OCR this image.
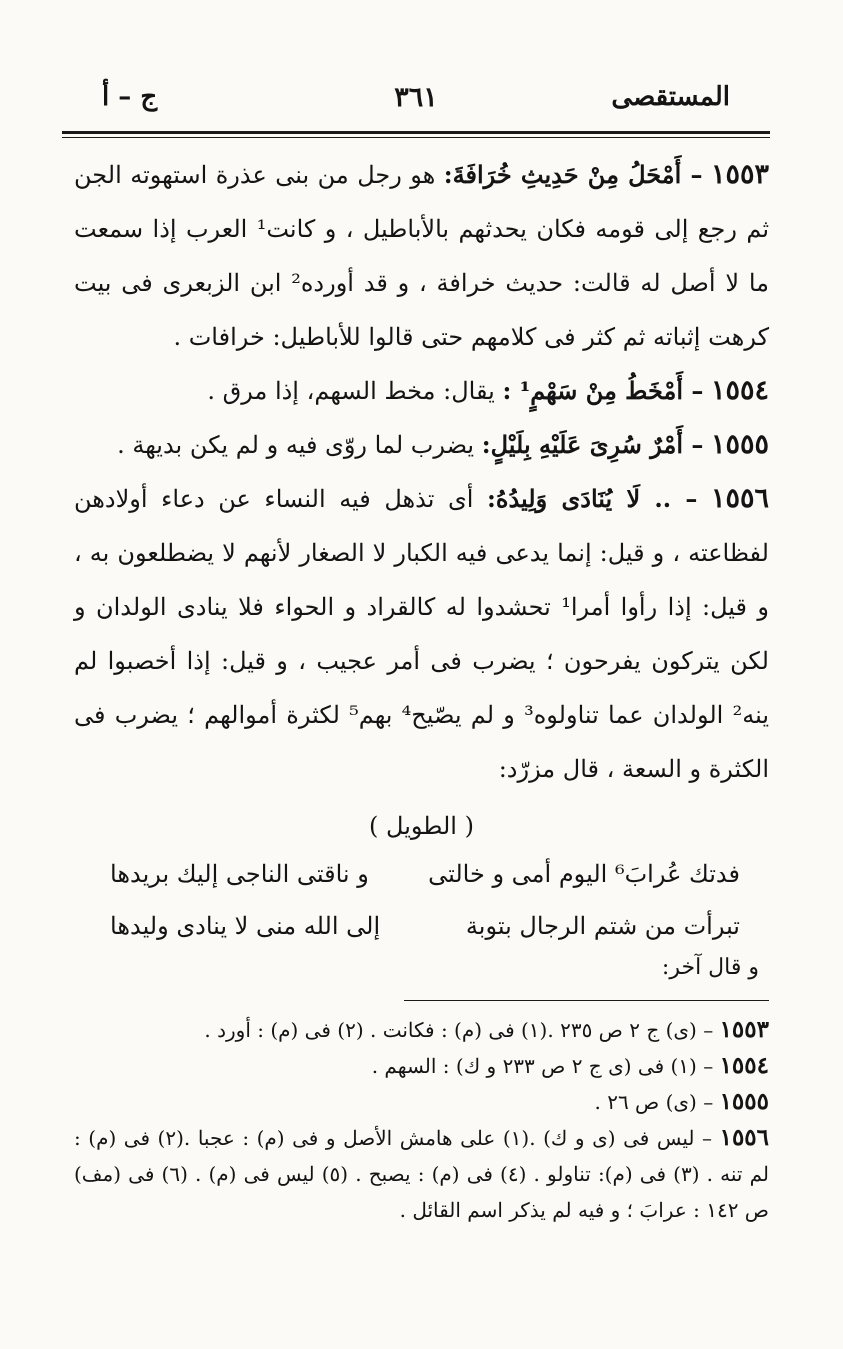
المستقصى
٣٦١
ج – أ

١٥٥٣ – أَمْحَلُ مِنْ حَدِيثِ خُرَافَةَ: هو رجل من بنى عذرة استهوته الجن ثم رجع إلى قومه فكان يحدثهم بالأباطيل ، و كانت¹ العرب إذا سمعت ما لا أصل له قالت: حديث خرافة ، و قد أورده² ابن الزبعرى فى بيت كرهت إثباته ثم كثر فى كلامهم حتى قالوا للأباطيل: خرافات .

١٥٥٤ – أَمْخَطُ مِنْ سَهْمٍ¹ : يقال: مخط السهم، إذا مرق .

١٥٥٥ – أَمْرٌ سُرِىَ عَلَيْهِ بِلَيْلٍ: يضرب لما روّى فيه و لم يكن بديهة .

١٥٥٦ – .. لَا يُنَادَى وَلِيدُهُ: أى تذهل فيه النساء عن دعاء أولادهن لفظاعته ، و قيل: إنما يدعى فيه الكبار لا الصغار لأنهم لا يضطلعون به ، و قيل: إذا رأوا أمرا¹ تحشدوا له كالقراد و الحواء فلا ينادى الولدان و لكن يتركون يفرحون ؛ يضرب فى أمر عجيب ، و قيل: إذا أخصبوا لم ينه² الولدان عما تناولوه³ و لم يصّيح⁴ بهم⁵ لكثرة أموالهم ؛ يضرب فى الكثرة و السعة ، قال مزرّد:

( الطويل )
فدتك عُرابَ⁶ اليوم أمى و خالتى
و ناقتى الناجى إليك بريدها
تبرأت من شتم الرجال بتوبة
إلى الله منى لا ينادى وليدها
و قال آخر:

١٥٥٣ – (ى) ج ٢ ص ٢٣٥ .(١) فى (م) : فكانت . (٢) فى (م) : أورد .

١٥٥٤ – (١) فى (ى ج ٢ ص ٢٣٣ و ك) : السهم .

١٥٥٥ – (ى) ص ٢٦ .

١٥٥٦ – ليس فى (ى و ك) .(١) على هامش الأصل و فى (م) : عجبا .(٢) فى (م) : لم تنه . (٣) فى (م): تناولو . (٤) فى (م) : يصبح . (٥) ليس فى (م) . (٦) فى (مف) ص ١٤٢ : عرابَ ؛ و فيه لم يذكر اسم القائل .
